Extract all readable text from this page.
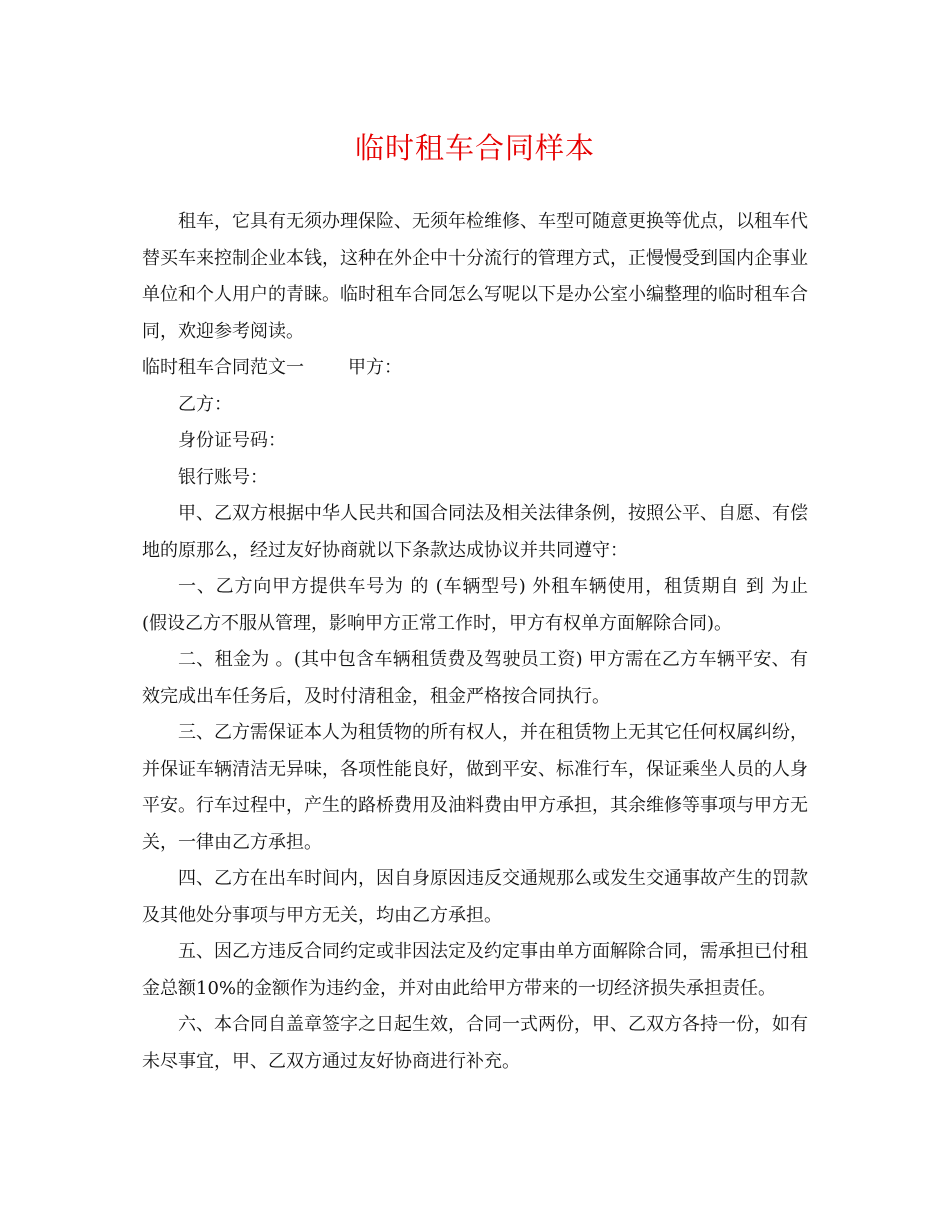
临时租车合同样本

租车，它具有无须办理保险、无须年检维修、车型可随意更换等优点，以租车代替买车来控制企业本钱，这种在外企中十分流行的管理方式，正慢慢受到国内企事业单位和个人用户的青睐。临时租车合同怎么写呢以下是办公室小编整理的临时租车合同，欢迎参考阅读。

临时租车合同范文一 甲方：

乙方：

身份证号码：

银行账号：

甲、乙双方根据中华人民共和国合同法及相关法律条例，按照公平、自愿、有偿地的原那么，经过友好协商就以下条款达成协议并共同遵守：

一、乙方向甲方提供车号为 的 (车辆型号) 外租车辆使用，租赁期自 到 为止 (假设乙方不服从管理，影响甲方正常工作时，甲方有权单方面解除合同)。

二、租金为 。(其中包含车辆租赁费及驾驶员工资) 甲方需在乙方车辆平安、有效完成出车任务后，及时付清租金，租金严格按合同执行。

三、乙方需保证本人为租赁物的所有权人，并在租赁物上无其它任何权属纠纷，并保证车辆清洁无异味，各项性能良好，做到平安、标准行车，保证乘坐人员的人身平安。行车过程中，产生的路桥费用及油料费由甲方承担，其余维修等事项与甲方无关，一律由乙方承担。

四、乙方在出车时间内，因自身原因违反交通规那么或发生交通事故产生的罚款及其他处分事项与甲方无关，均由乙方承担。

五、因乙方违反合同约定或非因法定及约定事由单方面解除合同，需承担已付租金总额10%的金额作为违约金，并对由此给甲方带来的一切经济损失承担责任。

六、本合同自盖章签字之日起生效，合同一式两份，甲、乙双方各持一份，如有未尽事宜，甲、乙双方通过友好协商进行补充。
